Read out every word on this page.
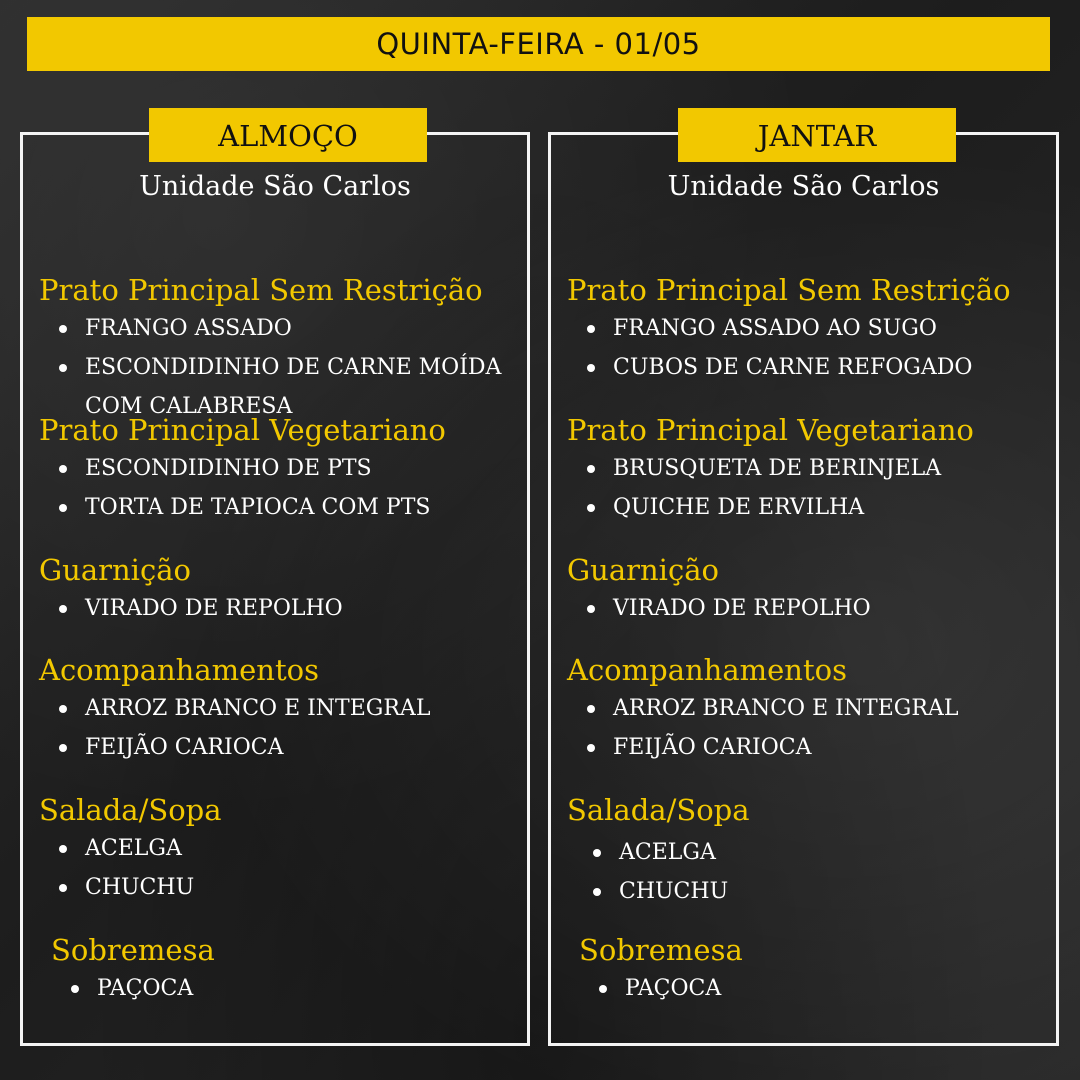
QUINTA-FEIRA - 01/05
ALMOÇO
Unidade São Carlos
Prato Principal Sem Restrição
FRANGO ASSADO
ESCONDIDINHO DE CARNE MOÍDA COM CALABRESA
Prato Principal Vegetariano
ESCONDIDINHO DE PTS
TORTA DE TAPIOCA COM PTS
Guarnição
VIRADO DE REPOLHO
Acompanhamentos
ARROZ BRANCO E INTEGRAL
FEIJÃO CARIOCA
Salada/Sopa
ACELGA
CHUCHU
Sobremesa
PAÇOCA
JANTAR
Unidade São Carlos
Prato Principal Sem Restrição
FRANGO ASSADO AO SUGO
CUBOS DE CARNE REFOGADO
Prato Principal Vegetariano
BRUSQUETA DE BERINJELA
QUICHE DE ERVILHA
Guarnição
VIRADO DE REPOLHO
Acompanhamentos
ARROZ BRANCO E INTEGRAL
FEIJÃO CARIOCA
Salada/Sopa
ACELGA
CHUCHU
Sobremesa
PAÇOCA
